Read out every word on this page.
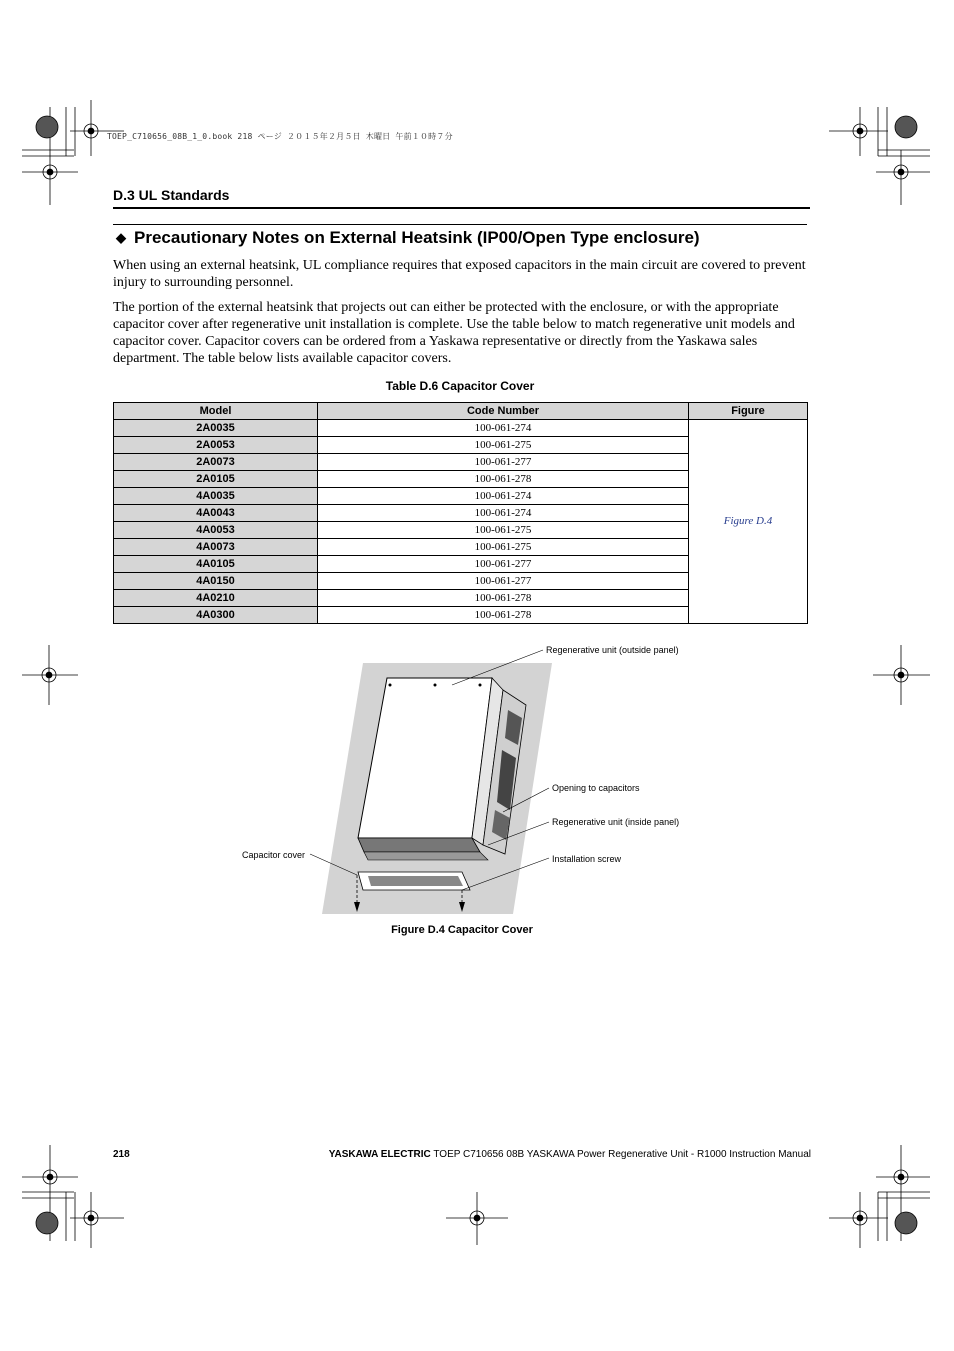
TOEP_C710656_08B_1_0.book 218 ページ ２０１５年２月５日 木曜日 午前１０時７分
D.3 UL Standards
◆ Precautionary Notes on External Heatsink (IP00/Open Type enclosure)

When using an external heatsink, UL compliance requires that exposed capacitors in the main circuit are covered to prevent injury to surrounding personnel.

The portion of the external heatsink that projects out can either be protected with the enclosure, or with the appropriate capacitor cover after regenerative unit installation is complete. Use the table below to match regenerative unit models and capacitor cover. Capacitor covers can be ordered from a Yaskawa representative or directly from the Yaskawa sales department. The table below lists available capacitor covers.

Table D.6 Capacitor Cover
Model	Code Number	Figure
2A0035	100-061-274	Figure D.4
2A0053	100-061-275	
2A0073	100-061-277	
2A0105	100-061-278	
4A0035	100-061-274	
4A0043	100-061-274	
4A0053	100-061-275	
4A0073	100-061-275	
4A0105	100-061-277	
4A0150	100-061-277	
4A0210	100-061-278	
4A0300	100-061-278	
Regenerative unit (outside panel)
Opening to capacitors
Regenerative unit (inside panel)
Installation screw
Capacitor cover
Figure D.4 Capacitor Cover
218	YASKAWA ELECTRIC TOEP C710656 08B YASKAWA Power Regenerative Unit - R1000 Instruction Manual
